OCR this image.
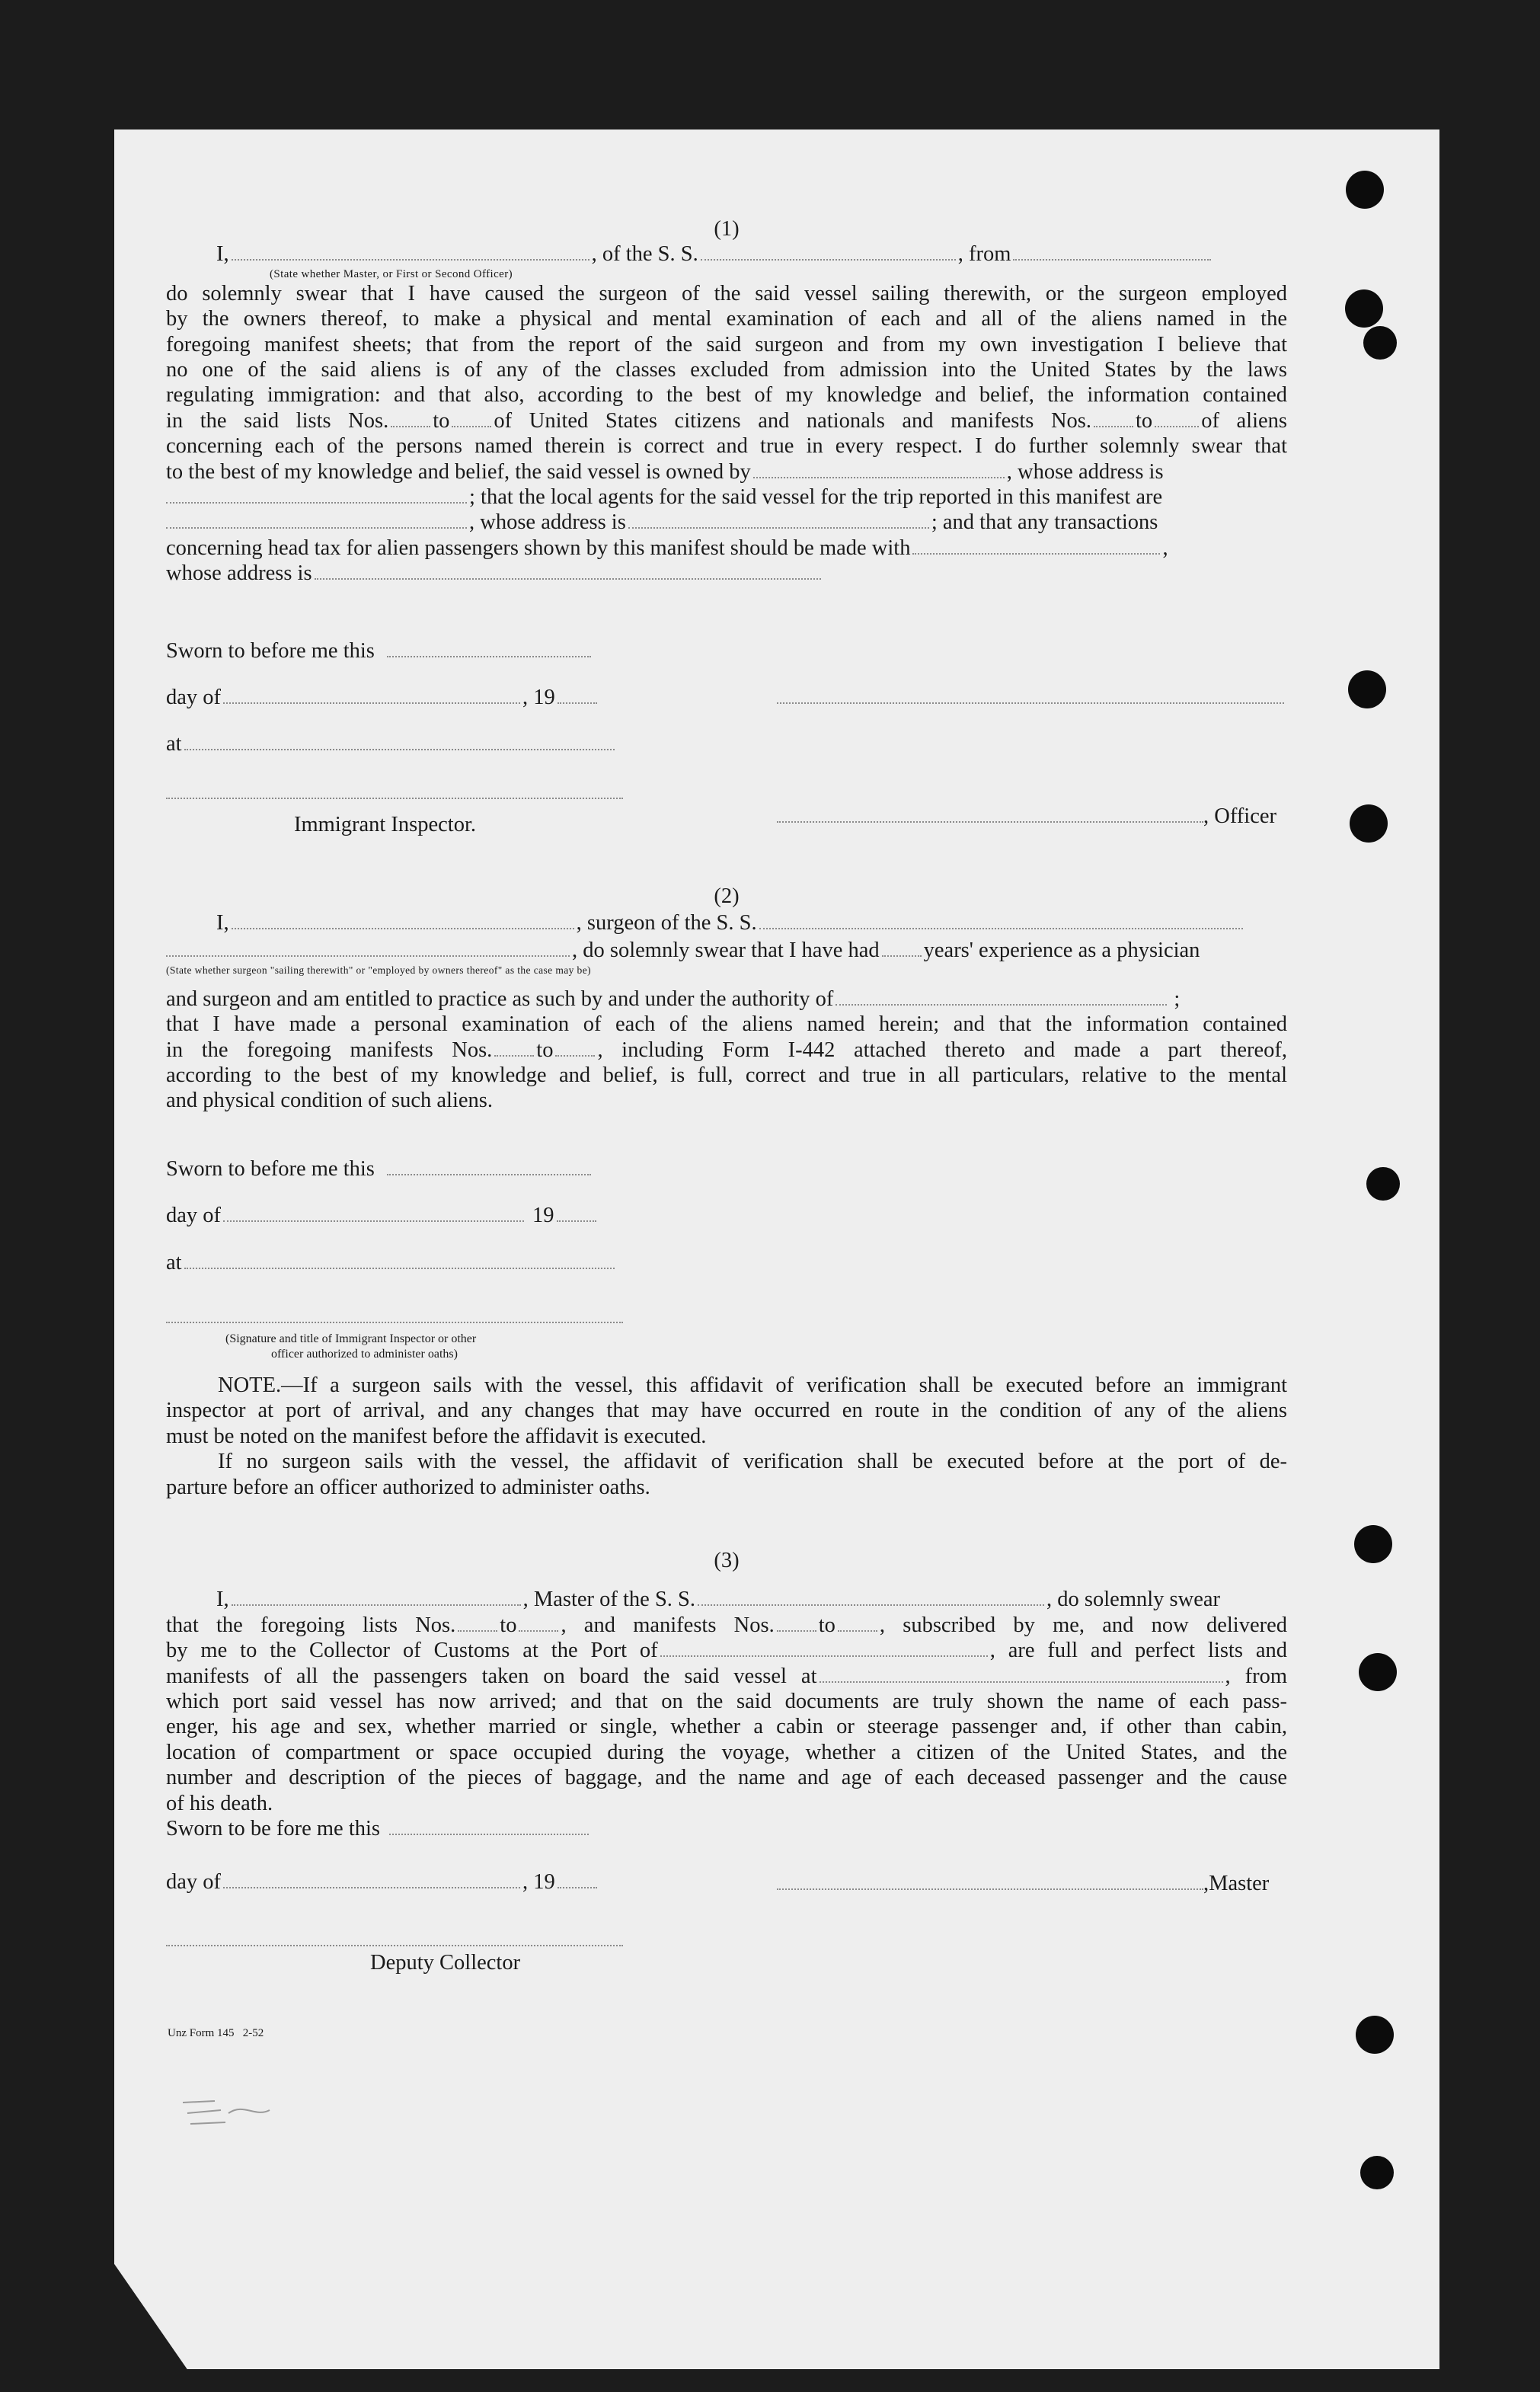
(1)
I,	, of the S. S.	, from
(State whether Master, or First or Second Officer)
do solemnly swear that I have caused the surgeon of the said vessel sailing therewith, or the surgeon employed
by the owners thereof, to make a physical and mental examination of each and all of the aliens named in the
foregoing manifest sheets; that from the report of the said surgeon and from my own investigation I believe that
no one of the said aliens is of any of the classes excluded from admission into the United States by the laws
regulating immigration: and that also, according to the best of my knowledge and belief, the information contained
in the said lists Nos. to of United States citizens and nationals and manifests Nos. to of aliens
concerning each of the persons named therein is correct and true in every respect. I do further solemnly swear that
to the best of my knowledge and belief, the said vessel is owned by	, whose address is
; that the local agents for the said vessel for the trip reported in this manifest are
, whose address is	; and that any transactions
concerning head tax for alien passengers shown by this manifest should be made with	,
whose address is
Sworn to before me this
day of	, 19
at
Immigrant Inspector.	, Officer
(2)
I,	, surgeon of the S. S.
, do solemnly swear that I have had years' experience as a physician
(State whether surgeon "sailing therewith" or "employed by owners thereof" as the case may be)
and surgeon and am entitled to practice as such by and under the authority of	;
that I have made a personal examination of each of the aliens named herein; and that the information contained
in the foregoing manifests Nos. to , including Form I-442 attached thereto and made a part thereof,
according to the best of my knowledge and belief, is full, correct and true in all particulars, relative to the mental
and physical condition of such aliens.
Sworn to before me this
day of	19
at
(Signature and title of Immigrant Inspector or other
officer authorized to administer oaths)
NOTE.—If a surgeon sails with the vessel, this affidavit of verification shall be executed before an immigrant
inspector at port of arrival, and any changes that may have occurred en route in the condition of any of the aliens
must be noted on the manifest before the affidavit is executed.
If no surgeon sails with the vessel, the affidavit of verification shall be executed before at the port of de-
parture before an officer authorized to administer oaths.
(3)
I,	, Master of the S. S.	, do solemnly swear
that the foregoing lists Nos. to , and manifests Nos. to , subscribed by me, and now delivered
by me to the Collector of Customs at the Port of	, are full and perfect lists and
manifests of all the passengers taken on board the said vessel at	, from
which port said vessel has now arrived; and that on the said documents are truly shown the name of each pass-
enger, his age and sex, whether married or single, whether a cabin or steerage passenger and, if other than cabin,
location of compartment or space occupied during the voyage, whether a citizen of the United States, and the
number and description of the pieces of baggage, and the name and age of each deceased passenger and the cause
of his death.
Sworn to be fore me this
day of	, 19	,Master
Deputy Collector
Unz Form 145   2-52
